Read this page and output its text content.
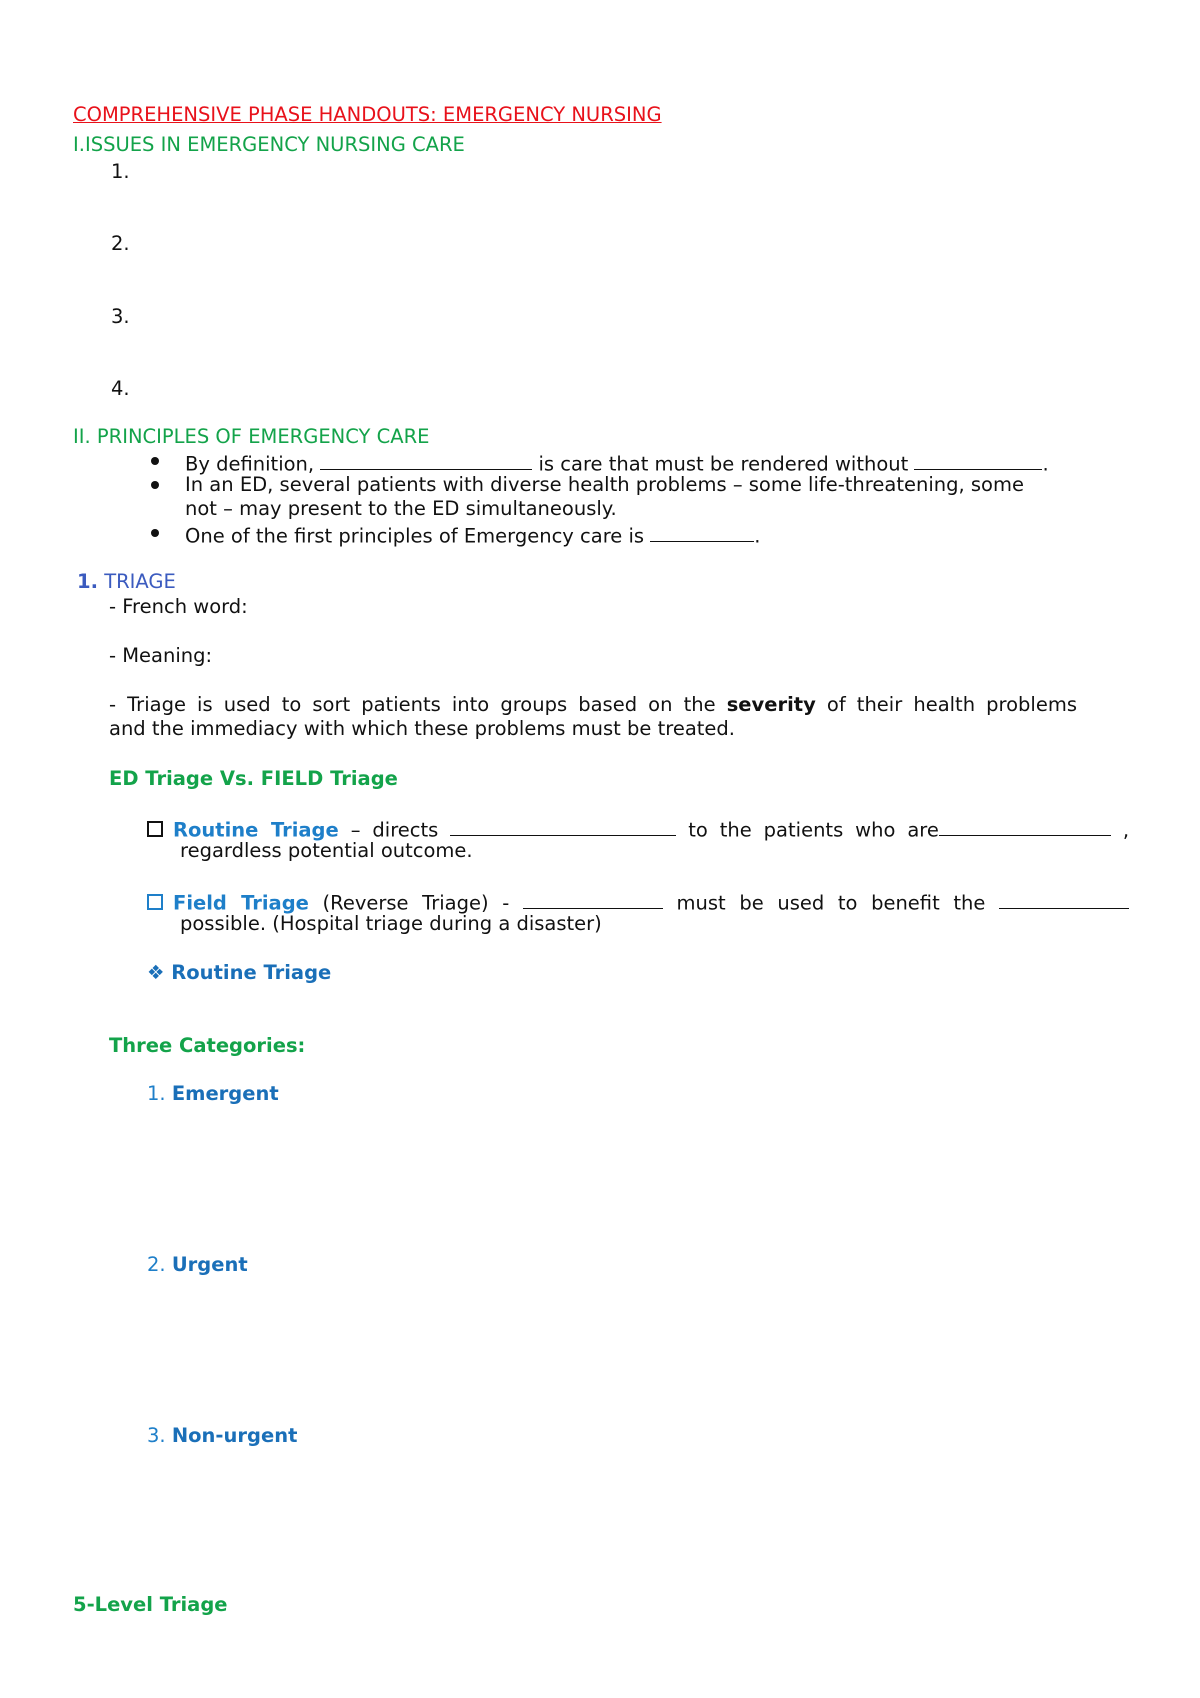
COMPREHENSIVE PHASE HANDOUTS: EMERGENCY NURSING
I.ISSUES IN EMERGENCY NURSING CARE
1.
2.
3.
4.
II. PRINCIPLES OF EMERGENCY CARE
By definition,	is care that must be rendered without	.
In an ED, several patients with diverse health problems – some life-threatening, some
not – may present to the ED simultaneously.
One of the first principles of Emergency care is	.
1. TRIAGE
- French word:
- Meaning:
- Triage is used to sort patients into groups based on the severity of their health problems
and the immediacy with which these problems must be treated.
ED Triage Vs. FIELD Triage
Routine Triage – directs	to the patients who are	,
regardless potential outcome.
Field Triage (Reverse Triage) -	must be used to benefit the
possible. (Hospital triage during a disaster)
❖ Routine Triage
Three Categories:
1. Emergent
2. Urgent
3. Non-urgent
5-Level Triage
